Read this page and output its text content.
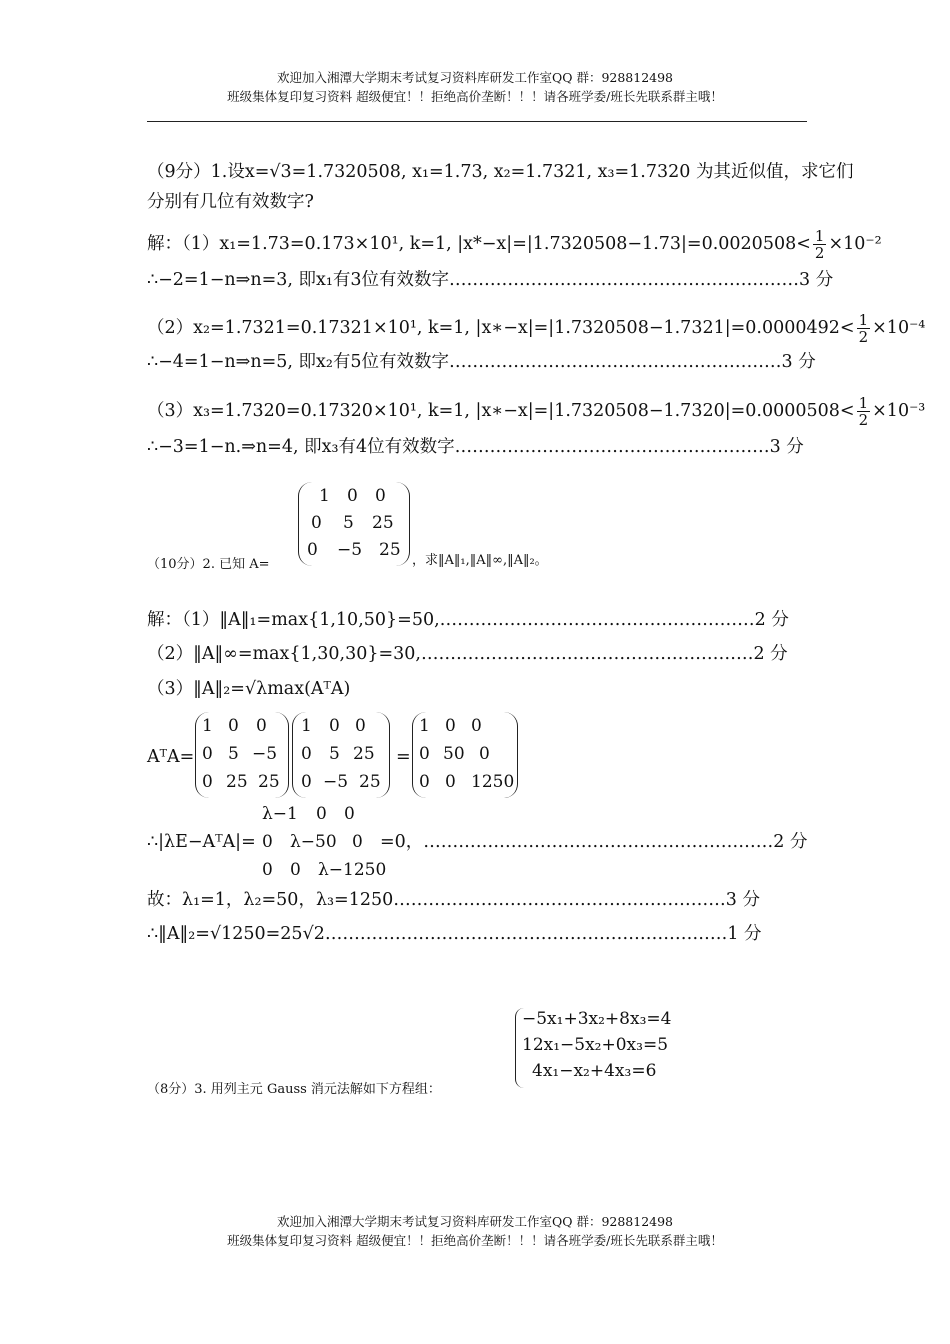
欢迎加入湘潭大学期末考试复习资料库研发工作室QQ 群：928812498
班级集体复印复习资料 超级便宜！！拒绝高价垄断！！！请各班学委/班长先联系群主哦！
（9分）1.设x=√3=1.7320508, x₁=1.73, x₂=1.7321, x₃=1.7320 为其近似值，求它们
分别有几位有效数字?
解：（1）x₁=1.73=0.173×10¹, k=1, $|x*-x|=|1.7320508-1.73|=0.0020508< \frac{1}{2} \times 10^{-2}$
∴−2=1−n⇒n=3, 即x₁有3位有效数字……………………………………………………3 分
（2）x₂=1.7321=0.17321×10¹, k=1, |x∗−x|=|1.7320508−1.7321|=0.0000492< $\frac{1}{2} \times 10^{-4}$
∴−4=1−n⇒n=5, 即x₂有5位有效数字…………………………………………………3 分
（3）x₃=1.7320=0.17320×10¹, k=1, |x∗−x|=|1.7320508−1.7320|=0.0000508< $\frac{1}{2} \times 10^{-3}$
∴−3=1−n.⇒n=4, 即x₃有4位有效数字………………………………………………3 分
（10分）2. 已知 A=
1 0 0
0 5 25
0 −5 25
，求‖A‖₁,‖A‖∞,‖A‖₂。
解：（1）‖A‖₁=max{1,10,50}=50,………………………………………………2 分
（2）‖A‖∞=max{1,30,30}=30,…………………………………………………2 分
（3）‖A‖₂=√λmax(AᵀA)
AᵀA=
1 0 0
0 5 −5
0 25 25
1 0 0
0 5 25
0 −5 25
=
1 0 0
0 50 0
0 0 1250
∴|λE−AᵀA|=
λ−1 0 0
0 λ−50 0
0 0 λ−1250
=0，……………………………………………………2 分
故：λ₁=1，λ₂=50，λ₃=1250…………………………………………………3 分
∴‖A‖₂=√1250=25√2……………………………………………………………1 分
（8分）3. 用列主元 Gauss 消元法解如下方程组：
−5x₁+3x₂+8x₃=4
12x₁−5x₂+0x₃=5
4x₁−x₂+4x₃=6
欢迎加入湘潭大学期末考试复习资料库研发工作室QQ 群：928812498
班级集体复印复习资料 超级便宜！！拒绝高价垄断！！！请各班学委/班长先联系群主哦！
